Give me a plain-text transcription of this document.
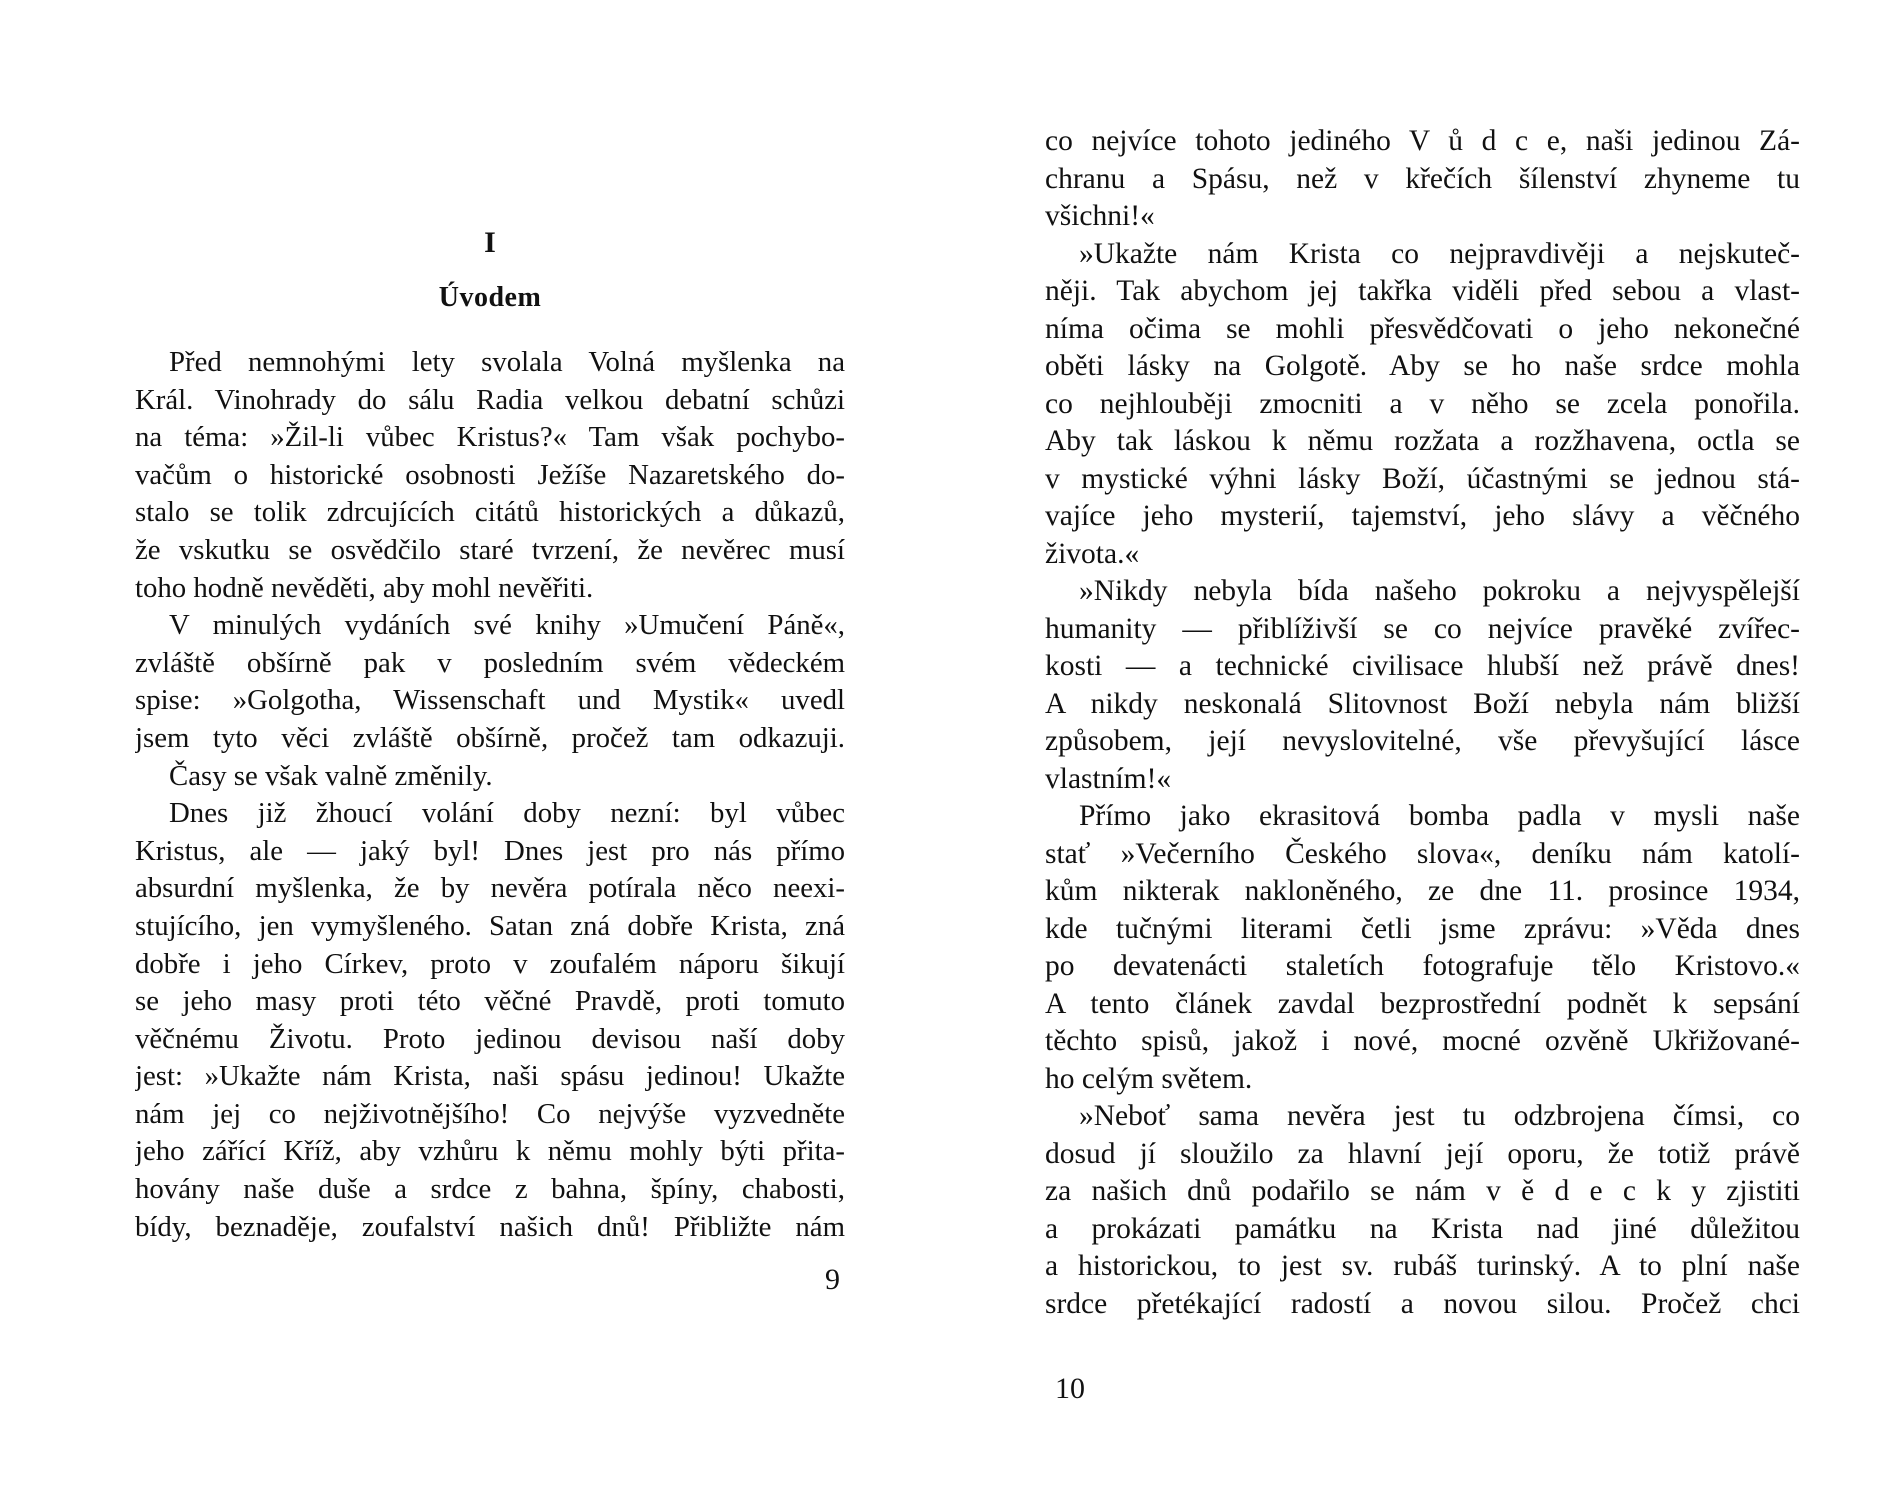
I
Úvodem
Před nemnohými lety svolala Volná myšlenka na
Král. Vinohrady do sálu Radia velkou debatní schůzi
na téma: »Žil-li vůbec Kristus?« Tam však pochybo-
vačům o historické osobnosti Ježíše Nazaretského do-
stalo se tolik zdrcujících citátů historických a důkazů,
že vskutku se osvědčilo staré tvrzení, že nevěrec musí
toho hodně nevěděti, aby mohl nevěřiti.
V minulých vydáních své knihy »Umučení Páně«,
zvláště obšírně pak v posledním svém vědeckém
spise: »Golgotha, Wissenschaft und Mystik« uvedl
jsem tyto věci zvláště obšírně, pročež tam odkazuji.
Časy se však valně změnily.
Dnes již žhoucí volání doby nezní: byl vůbec
Kristus, ale — jaký byl! Dnes jest pro nás přímo
absurdní myšlenka, že by nevěra potírala něco neexi-
stujícího, jen vymyšleného. Satan zná dobře Krista, zná
dobře i jeho Církev, proto v zoufalém náporu šikují
se jeho masy proti této věčné Pravdě, proti tomuto
věčnému Životu. Proto jedinou devisou naší doby
jest: »Ukažte nám Krista, naši spásu jedinou! Ukažte
nám jej co nejživotnějšího! Co nejvýše vyzvedněte
jeho zářící Kříž, aby vzhůru k němu mohly býti přita-
hovány naše duše a srdce z bahna, špíny, chabosti,
bídy, beznaděje, zoufalství našich dnů! Přibližte nám
9
co nejvíce tohoto jediného V ů d c e, naši jedinou Zá-
chranu a Spásu, než v křečích šílenství zhyneme tu
všichni!«
»Ukažte nám Krista co nejpravdivěji a nejskuteč-
něji. Tak abychom jej takřka viděli před sebou a vlast-
níma očima se mohli přesvědčovati o jeho nekonečné
oběti lásky na Golgotě. Aby se ho naše srdce mohla
co nejhlouběji zmocniti a v něho se zcela ponořila.
Aby tak láskou k němu rozžata a rozžhavena, octla se
v mystické výhni lásky Boží, účastnými se jednou stá-
vajíce jeho mysterií, tajemství, jeho slávy a věčného
života.«
»Nikdy nebyla bída našeho pokroku a nejvyspělejší
humanity — přiblíživší se co nejvíce pravěké zvířec-
kosti — a technické civilisace hlubší než právě dnes!
A nikdy neskonalá Slitovnost Boží nebyla nám bližší
způsobem, její nevyslovitelné, vše převyšující lásce
vlastním!«
Přímo jako ekrasitová bomba padla v mysli naše
stať »Večerního Českého slova«, deníku nám katolí-
kům nikterak nakloněného, ze dne 11. prosince 1934,
kde tučnými literami četli jsme zprávu: »Věda dnes
po devatenácti staletích fotografuje tělo Kristovo.«
A tento článek zavdal bezprostřední podnět k sepsání
těchto spisů, jakož i nové, mocné ozvěně Ukřižované-
ho celým světem.
»Neboť sama nevěra jest tu odzbrojena čímsi, co
dosud jí sloužilo za hlavní její oporu, že totiž právě
za našich dnů podařilo se nám v ě d e c k y zjistiti
a prokázati památku na Krista nad jiné důležitou
a historickou, to jest sv. rubáš turinský. A to plní naše
srdce přetékající radostí a novou silou. Pročež chci
10
